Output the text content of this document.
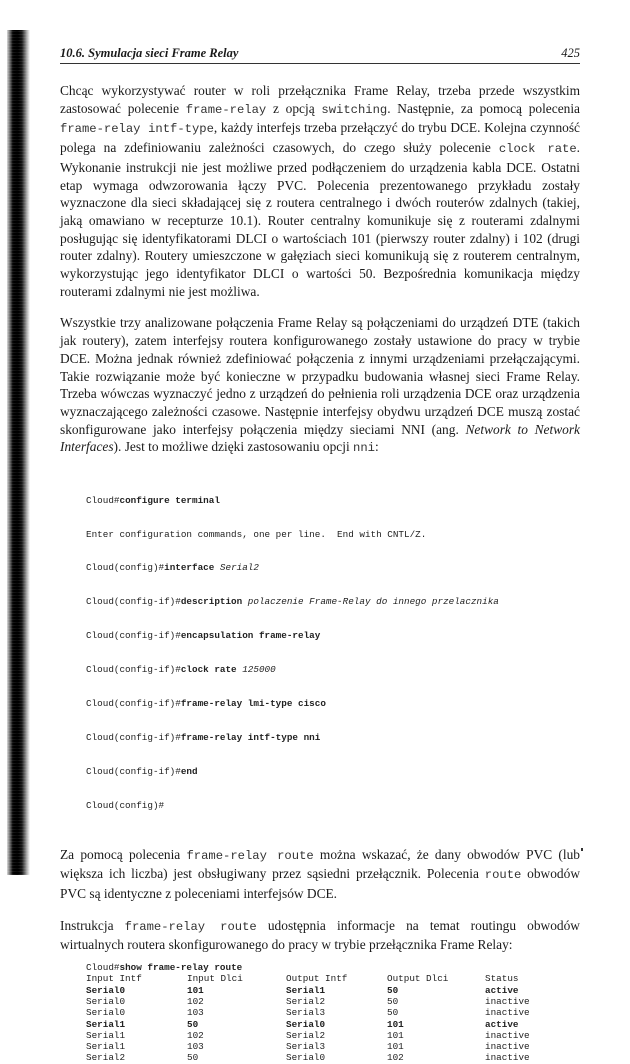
10.6. Symulacja sieci Frame Relay	425

Chcąc wykorzystywać router w roli przełącznika Frame Relay, trzeba przede wszystkim zastosować polecenie frame-relay z opcją switching. Następnie, za pomocą polecenia frame-relay intf-type, każdy interfejs trzeba przełączyć do trybu DCE. Kolejna czynność polega na zdefiniowaniu zależności czasowych, do czego służy polecenie clock rate. Wykonanie instrukcji nie jest możliwe przed podłączeniem do urządzenia kabla DCE. Ostatni etap wymaga odwzorowania łączy PVC. Polecenia prezentowanego przykładu zostały wyznaczone dla sieci składającej się z routera centralnego i dwóch routerów zdalnych (takiej, jaką omawiano w recepturze 10.1). Router centralny komunikuje się z routerami zdalnymi posługując się identyfikatorami DLCI o wartościach 101 (pierwszy router zdalny) i 102 (drugi router zdalny). Routery umieszczone w gałęziach sieci komunikują się z routerem centralnym, wykorzystując jego identyfikator DLCI o wartości 50. Bezpośrednia komunikacja między routerami zdalnymi nie jest możliwa.

Wszystkie trzy analizowane połączenia Frame Relay są połączeniami do urządzeń DTE (takich jak routery), zatem interfejsy routera konfigurowanego zostały ustawione do pracy w trybie DCE. Można jednak również zdefiniować połączenia z innymi urządzeniami przełączającymi. Takie rozwiązanie może być konieczne w przypadku budowania własnej sieci Frame Relay. Trzeba wówczas wyznaczyć jedno z urządzeń do pełnienia roli urządzenia DCE oraz urządzenia wyznaczającego zależności czasowe. Następnie interfejsy obydwu urządzeń DCE muszą zostać skonfigurowane jako interfejsy połączenia między sieciami NNI (ang. Network to Network Interfaces). Jest to możliwe dzięki zastosowaniu opcji nni:

Cloud#configure terminal

Enter configuration commands, one per line.  End with CNTL/Z.

Cloud(config)#interface Serial2

Cloud(config-if)#description polaczenie Frame-Relay do innego przelacznika

Cloud(config-if)#encapsulation frame-relay

Cloud(config-if)#clock rate 125000

Cloud(config-if)#frame-relay lmi-type cisco

Cloud(config-if)#frame-relay intf-type nni

Cloud(config-if)#end

Cloud(config)#

Za pomocą polecenia frame-relay route można wskazać, że dany obwodów PVC (lub większa ich liczba) jest obsługiwany przez sąsiedni przełącznik. Polecenia route obwodów PVC są identyczne z poleceniami interfejsów DCE.

Instrukcja frame-relay route udostępnia informacje na temat routingu obwodów wirtualnych routera skonfigurowanego do pracy w trybie przełącznika Frame Relay:

Cloud#show frame-relay route				
Input Intf	Input Dlci	Output Intf	Output Dlci	Status
Serial0	101	Serial1	50	active
Serial0	102	Serial2	50	inactive
Serial0	103	Serial3	50	inactive
Serial1	50	Serial0	101	active
Serial1	102	Serial2	101	inactive
Serial1	103	Serial3	101	inactive
Serial2	50	Serial0	102	inactive
